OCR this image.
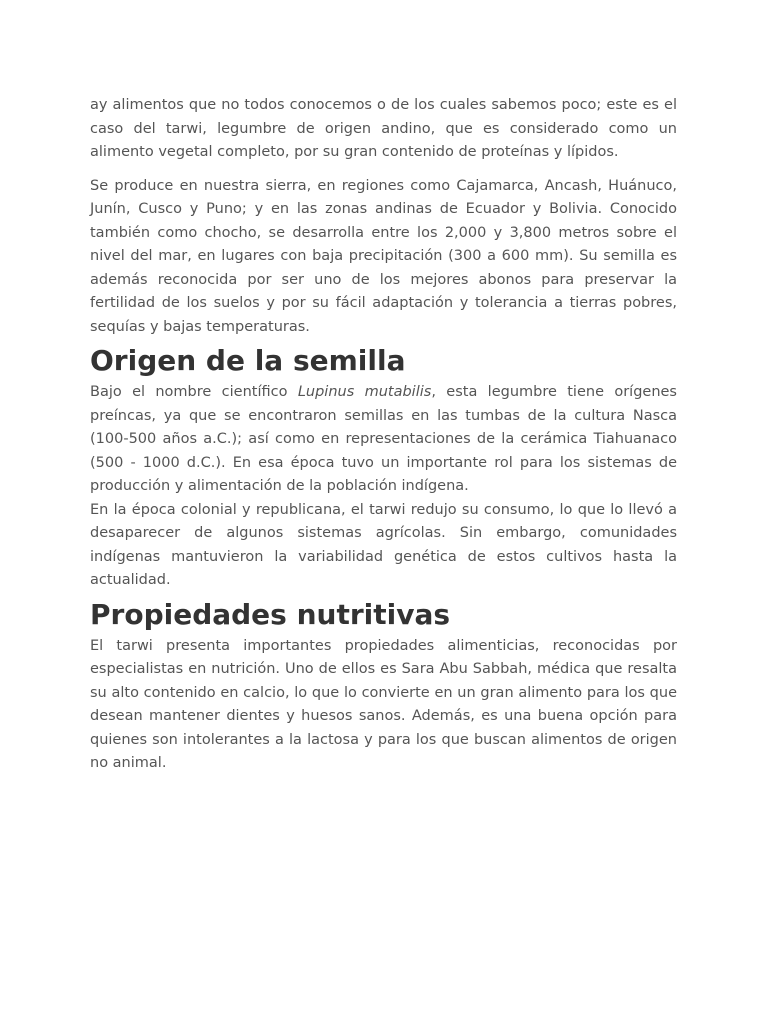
ay alimentos que no todos conocemos o de los cuales sabemos poco; este es el caso del tarwi, legumbre de origen andino, que es considerado como un alimento vegetal completo, por su gran contenido de proteínas y lípidos.

Se produce en nuestra sierra, en regiones como Cajamarca, Ancash, Huánuco, Junín, Cusco y Puno; y en las zonas andinas de Ecuador y Bolivia. Conocido también como chocho, se desarrolla entre los 2,000 y 3,800 metros sobre el nivel del mar, en lugares con baja precipitación (300 a 600 mm). Su semilla es además reconocida por ser uno de los mejores abonos para preservar la fertilidad de los suelos y por su fácil adaptación y tolerancia a tierras pobres, sequías y bajas temperaturas.

Origen de la semilla

Bajo el nombre científico Lupinus mutabilis, esta legumbre tiene orígenes preíncas, ya que se encontraron semillas en las tumbas de la cultura Nasca (100-500 años a.C.); así como en representaciones de la cerámica Tiahuanaco (500 - 1000 d.C.). En esa época tuvo un importante rol para los sistemas de producción y alimentación de la población indígena.

En la época colonial y republicana, el tarwi redujo su consumo, lo que lo llevó a desaparecer de algunos sistemas agrícolas. Sin embargo, comunidades indígenas mantuvieron la variabilidad genética de estos cultivos hasta la actualidad.

Propiedades nutritivas

El tarwi presenta importantes propiedades alimenticias, reconocidas por especialistas en nutrición. Uno de ellos es Sara Abu Sabbah, médica que resalta su alto contenido en calcio, lo que lo convierte en un gran alimento para los que desean mantener dientes y huesos sanos. Además, es una buena opción para quienes son intolerantes a la lactosa y para los que buscan alimentos de origen no animal.
